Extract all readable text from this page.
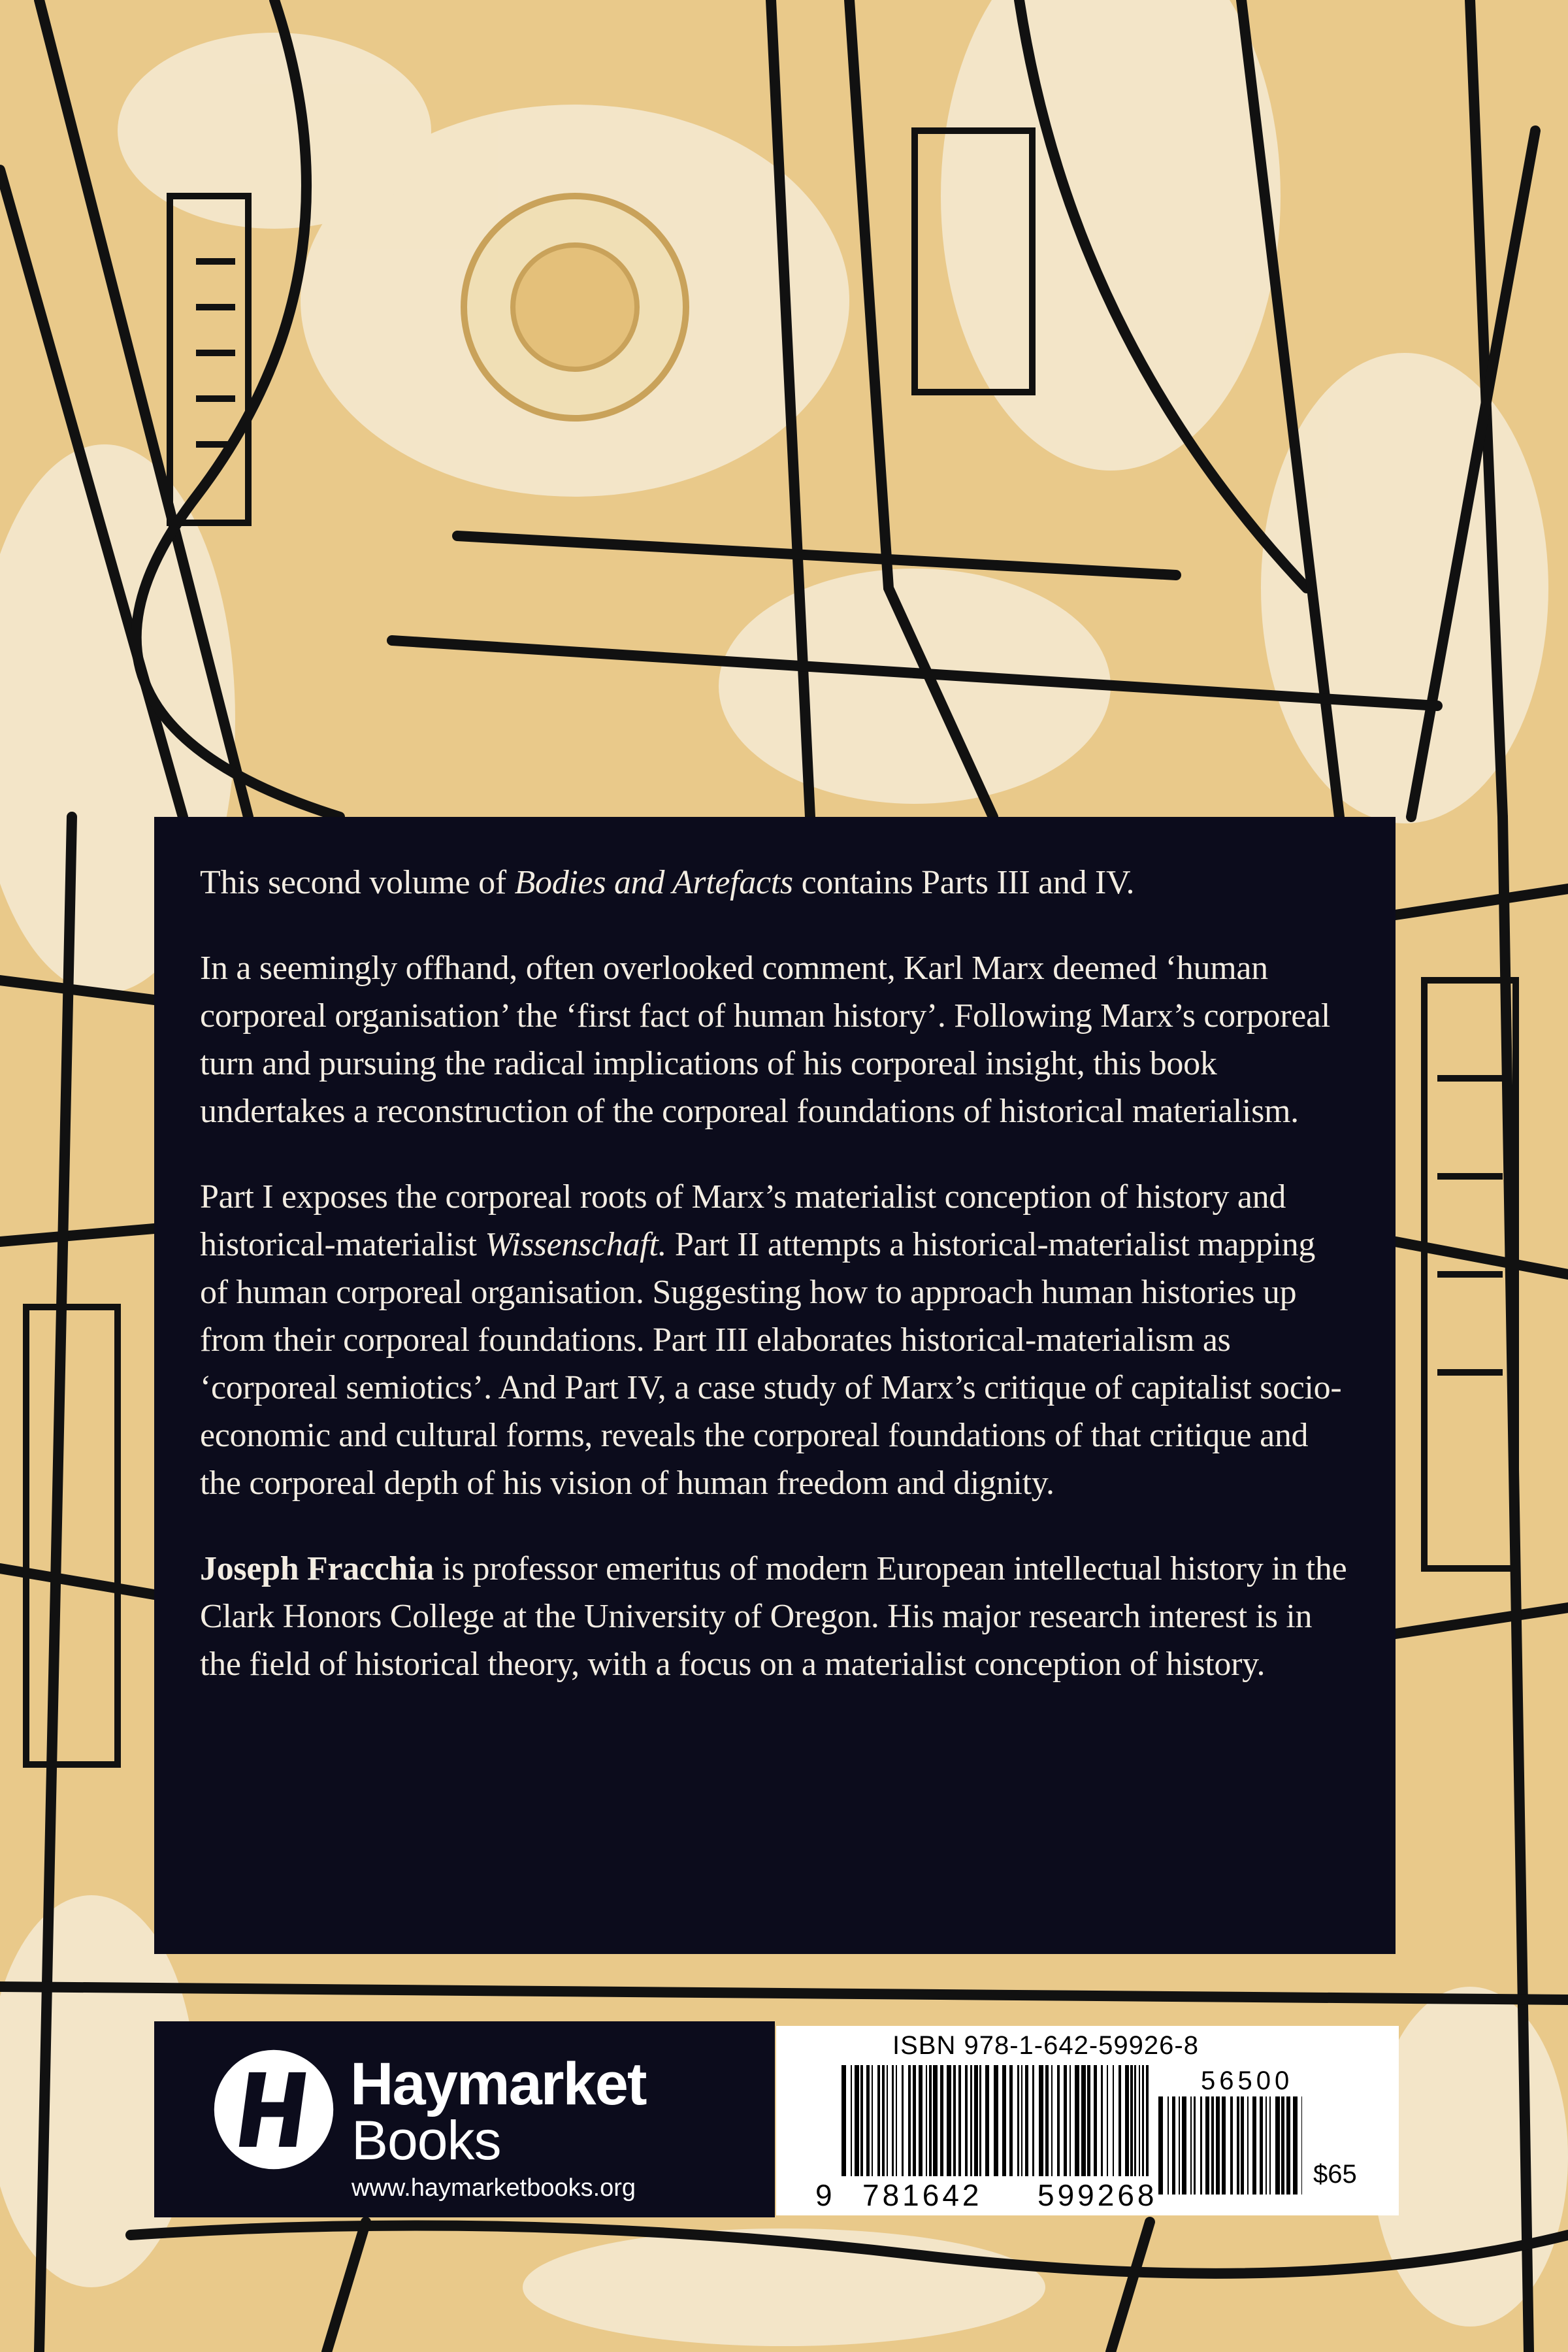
This second volume of Bodies and Artefacts contains Parts III and IV.

In a seemingly offhand, often overlooked comment, Karl Marx deemed ‘human corporeal organisation’ the ‘first fact of human history’. Following Marx’s corporeal turn and pursuing the radical implications of his corporeal insight, this book undertakes a reconstruction of the corporeal foundations of historical materialism.

Part I exposes the corporeal roots of Marx’s materialist conception of history and historical-materialist Wissenschaft. Part II attempts a historical-materialist mapping of human corporeal organisation. Suggesting how to approach human histories up from their corporeal foundations. Part III elaborates historical-materialism as ‘corporeal semiotics’. And Part IV, a case study of Marx’s critique of capitalist socio-economic and cultural forms, reveals the corporeal foundations of that critique and the corporeal depth of his vision of human freedom and dignity.

Joseph Fracchia is professor emeritus of modern European intellectual history in the Clark Honors College at the University of Oregon. His major research interest is in the field of historical theory, with a focus on a materialist conception of history.

Haymarket
Books
www.haymarketbooks.org
ISBN 978-1-642-59926-8
56500
9 781642 599268
$65
